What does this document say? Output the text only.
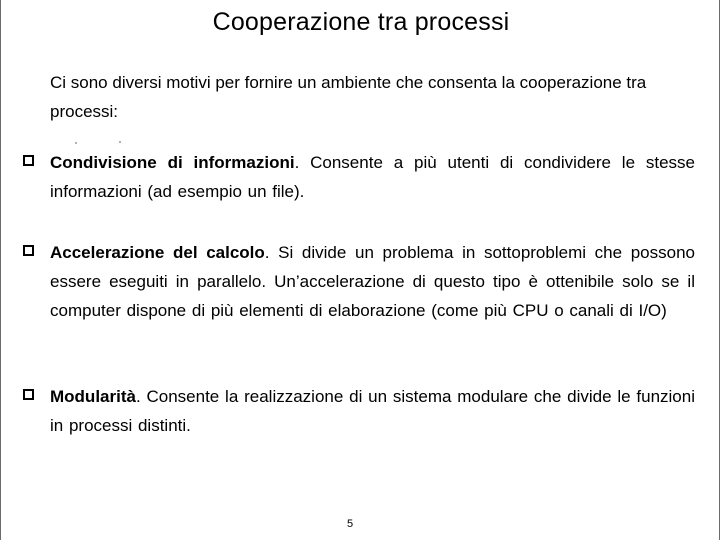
Cooperazione tra processi
Ci sono diversi motivi per fornire un ambiente che consenta la cooperazione tra processi:
Condivisione di informazioni. Consente a più utenti di condividere le stesse informazioni (ad esempio un file).
Accelerazione del calcolo. Si divide un problema in sottoproblemi che possono essere eseguiti in parallelo. Un’accelerazione di questo tipo è ottenibile solo se il computer dispone di più elementi di elaborazione (come più CPU o canali di I/O)
Modularità. Consente la realizzazione di un sistema modulare che divide le funzioni in processi distinti.
5
